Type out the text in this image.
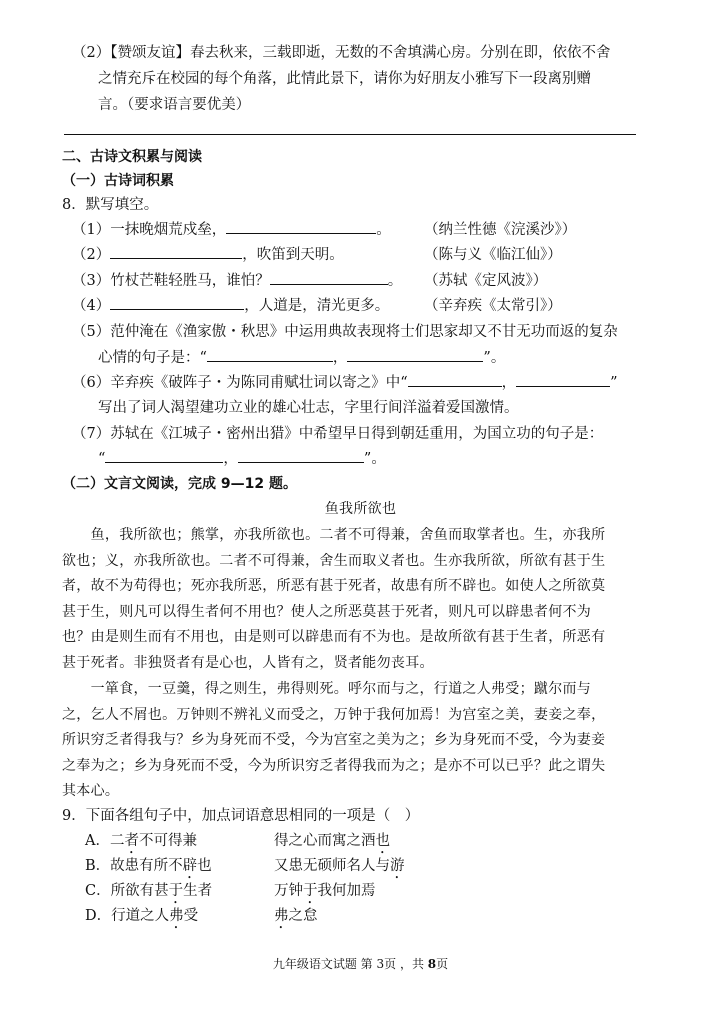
（2）【赞颂友谊】春去秋来，三载即逝，无数的不舍填满心房。分别在即，依依不舍
之情充斥在校园的每个角落，此情此景下，请你为好朋友小雅写下一段离别赠
言。（要求语言要优美）
二、古诗文积累与阅读
（一）古诗词积累
8．默写填空。
（1）一抹晚烟荒戍垒，	。 （纳兰性德《浣溪沙》）
（2）	，吹笛到天明。	（陈与义《临江仙》）
（3）竹杖芒鞋轻胜马，谁怕？	。 （苏轼《定风波》）
（4）	，人道是，清光更多。 （辛弃疾《太常引》）
（5）范仲淹在《渔家傲・秋思》中运用典故表现将士们思家却又不甘无功而返的复杂
心情的句子是：“	，	”。
（6）辛弃疾《破阵子・为陈同甫赋壮词以寄之》中“	，	”
写出了词人渴望建功立业的雄心壮志，字里行间洋溢着爱国激情。
（7）苏轼在《江城子・密州出猎》中希望早日得到朝廷重用，为国立功的句子是：
“	，	”。
（二）文言文阅读，完成 9—12 题。
鱼我所欲也
　　鱼，我所欲也；熊掌，亦我所欲也。二者不可得兼，舍鱼而取掌者也。生，亦我所
欲也；义，亦我所欲也。二者不可得兼，舍生而取义者也。生亦我所欲，所欲有甚于生
者，故不为苟得也；死亦我所恶，所恶有甚于死者，故患有所不辟也。如使人之所欲莫
甚于生，则凡可以得生者何不用也？使人之所恶莫甚于死者，则凡可以辟患者何不为
也？由是则生而有不用也，由是则可以辟患而有不为也。是故所欲有甚于生者，所恶有
甚于死者。非独贤者有是心也，人皆有之，贤者能勿丧耳。
　　一箪食，一豆羹，得之则生，弗得则死。呼尔而与之，行道之人弗受；蹴尔而与
之，乞人不屑也。万钟则不辨礼义而受之，万钟于我何加焉！为宫室之美，妻妾之奉，
所识穷乏者得我与？乡为身死而不受，今为宫室之美为之；乡为身死而不受，今为妻妾
之奉为之；乡为身死而不受，今为所识穷乏者得我而为之；是亦不可以已乎？此之谓失
其本心。
9．下面各组句子中，加点词语意思相同的一项是（　）
A．二者不可得兼	得之心而寓之酒也
B．故患有所不辟也	又患无硕师名人与游
C．所欲有甚于生者	万钟于我何加焉
D．行道之人弗受	弗之怠
九年级语文试题 第 3页 ，共 8页
